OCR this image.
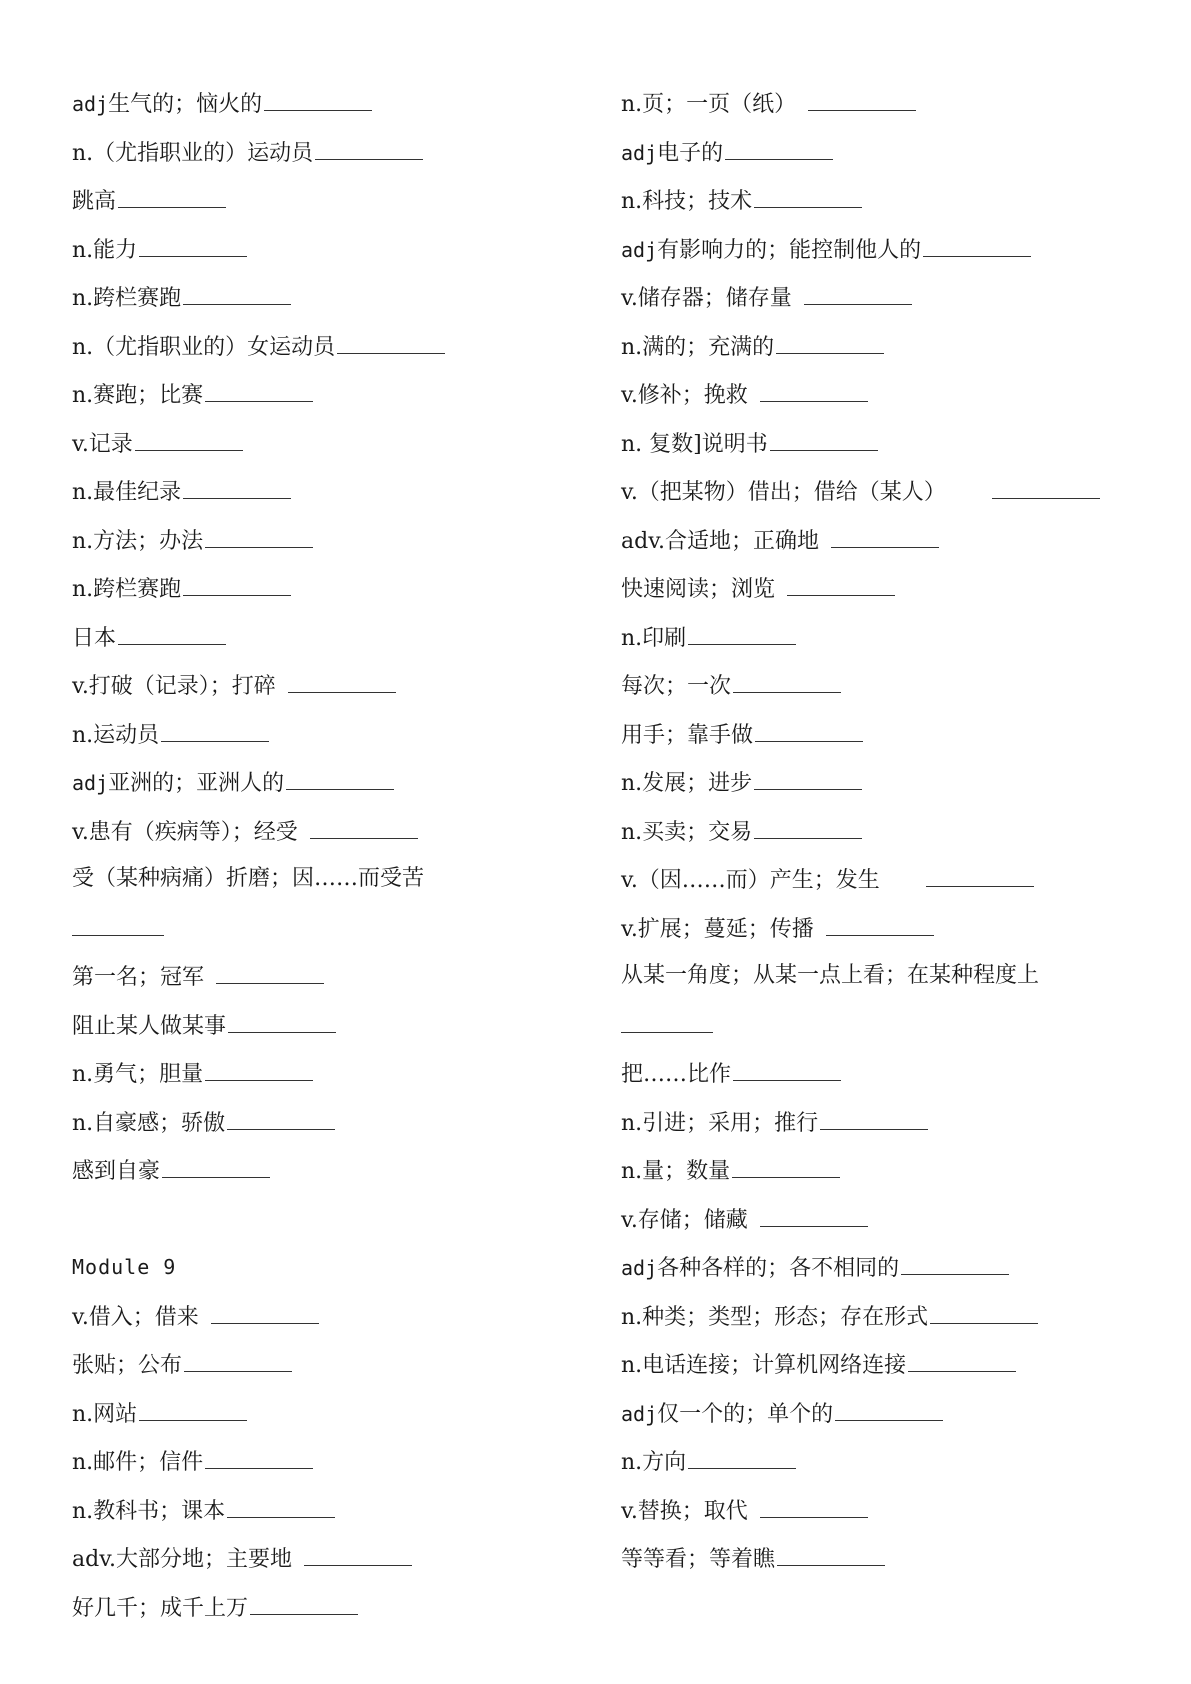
adj生气的；恼火的
n.（尤指职业的）运动员
跳高
n.能力
n.跨栏赛跑
n.（尤指职业的）女运动员
n.赛跑；比赛
v.记录
n.最佳纪录
n.方法；办法
n.跨栏赛跑
日本
v.打破（记录）；打碎
n.运动员
adj亚洲的；亚洲人的
v.患有（疾病等）；经受
受（某种病痛）折磨；因……而受苦
第一名；冠军
阻止某人做某事
n.勇气；胆量
n.自豪感；骄傲
感到自豪
Module 9
v.借入；借来
张贴；公布
n.网站
n.邮件；信件
n.教科书；课本
adv.大部分地；主要地
好几千；成千上万
n.页；一页（纸）
adj电子的
n.科技；技术
adj有影响力的；能控制他人的
v.储存器；储存量
n.满的；充满的
v.修补；挽救
n. 复数]说明书
v.（把某物）借出；借给（某人）
adv.合适地；正确地
快速阅读；浏览
n.印刷
每次；一次
用手；靠手做
n.发展；进步
n.买卖；交易
v.（因……而）产生；发生
v.扩展；蔓延；传播
从某一角度；从某一点上看；在某种程度上
把……比作
n.引进；采用；推行
n.量；数量
v.存储；储藏
adj各种各样的；各不相同的
n.种类；类型；形态；存在形式
n.电话连接；计算机网络连接
adj仅一个的；单个的
n.方向
v.替换；取代
等等看；等着瞧
